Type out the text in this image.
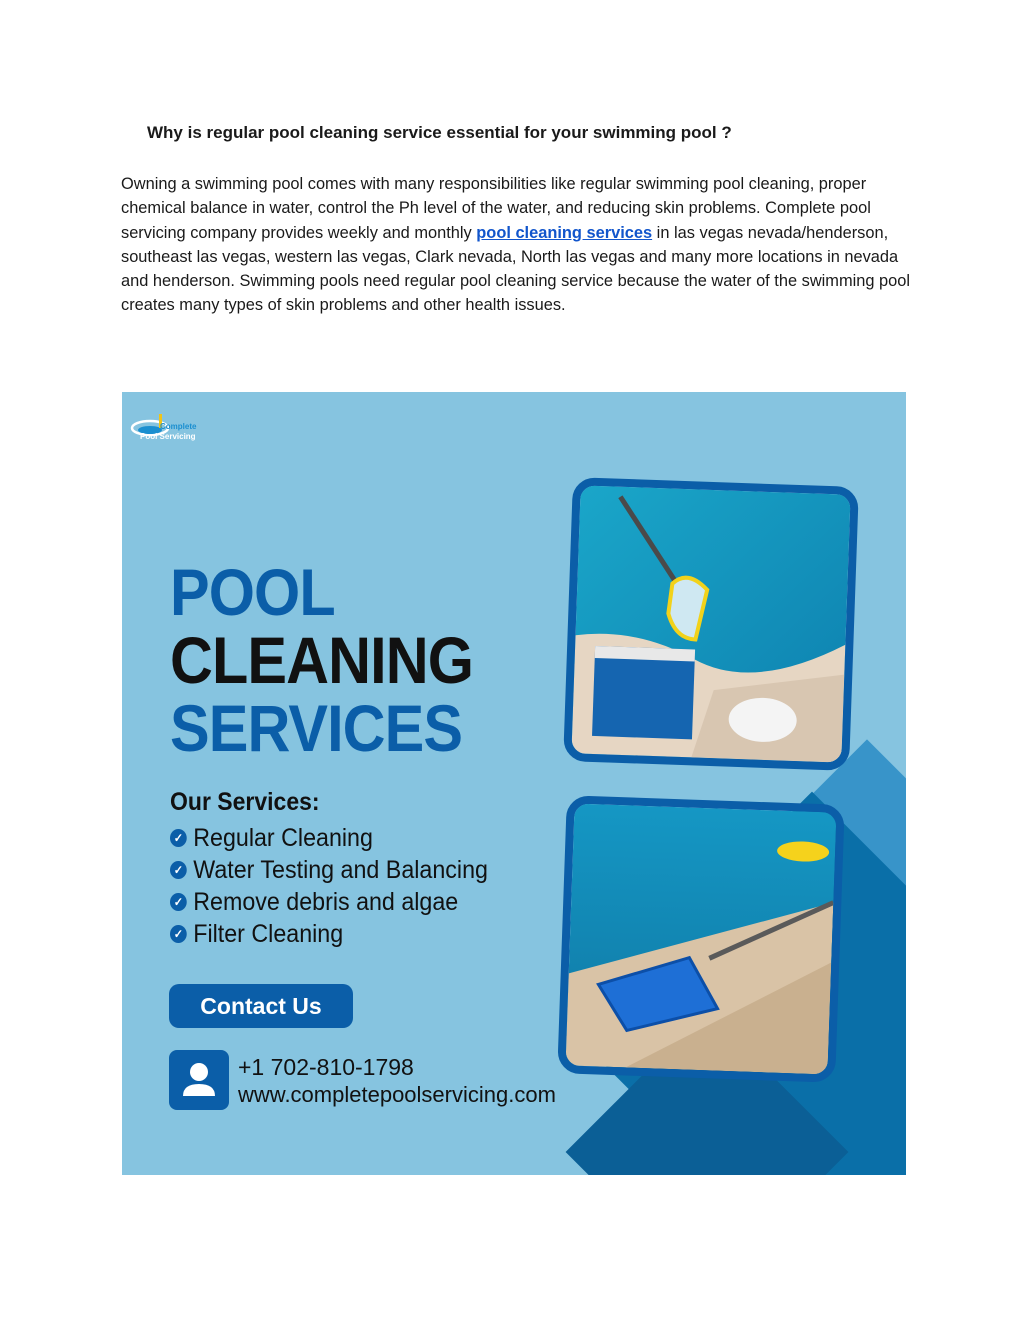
Why is regular pool cleaning service essential for your swimming pool ?

Owning a swimming pool comes with many responsibilities like regular swimming pool cleaning, proper chemical balance in water, control the Ph level of the water, and reducing skin problems. Complete pool servicing company provides weekly and monthly pool cleaning services in las vegas nevada/henderson, southeast las vegas, western las vegas, Clark nevada, North las vegas and many more locations in nevada and henderson. Swimming pools need regular pool cleaning service because the water of the swimming pool creates many types of skin problems and other health issues.

Complete
Pool Servicing
POOL
CLEANING
SERVICES
Our Services:
✓ Regular Cleaning
✓ Water Testing and Balancing
✓ Remove debris and algae
✓ Filter Cleaning
Contact Us
+1 702-810-1798
www.completepoolservicing.com
